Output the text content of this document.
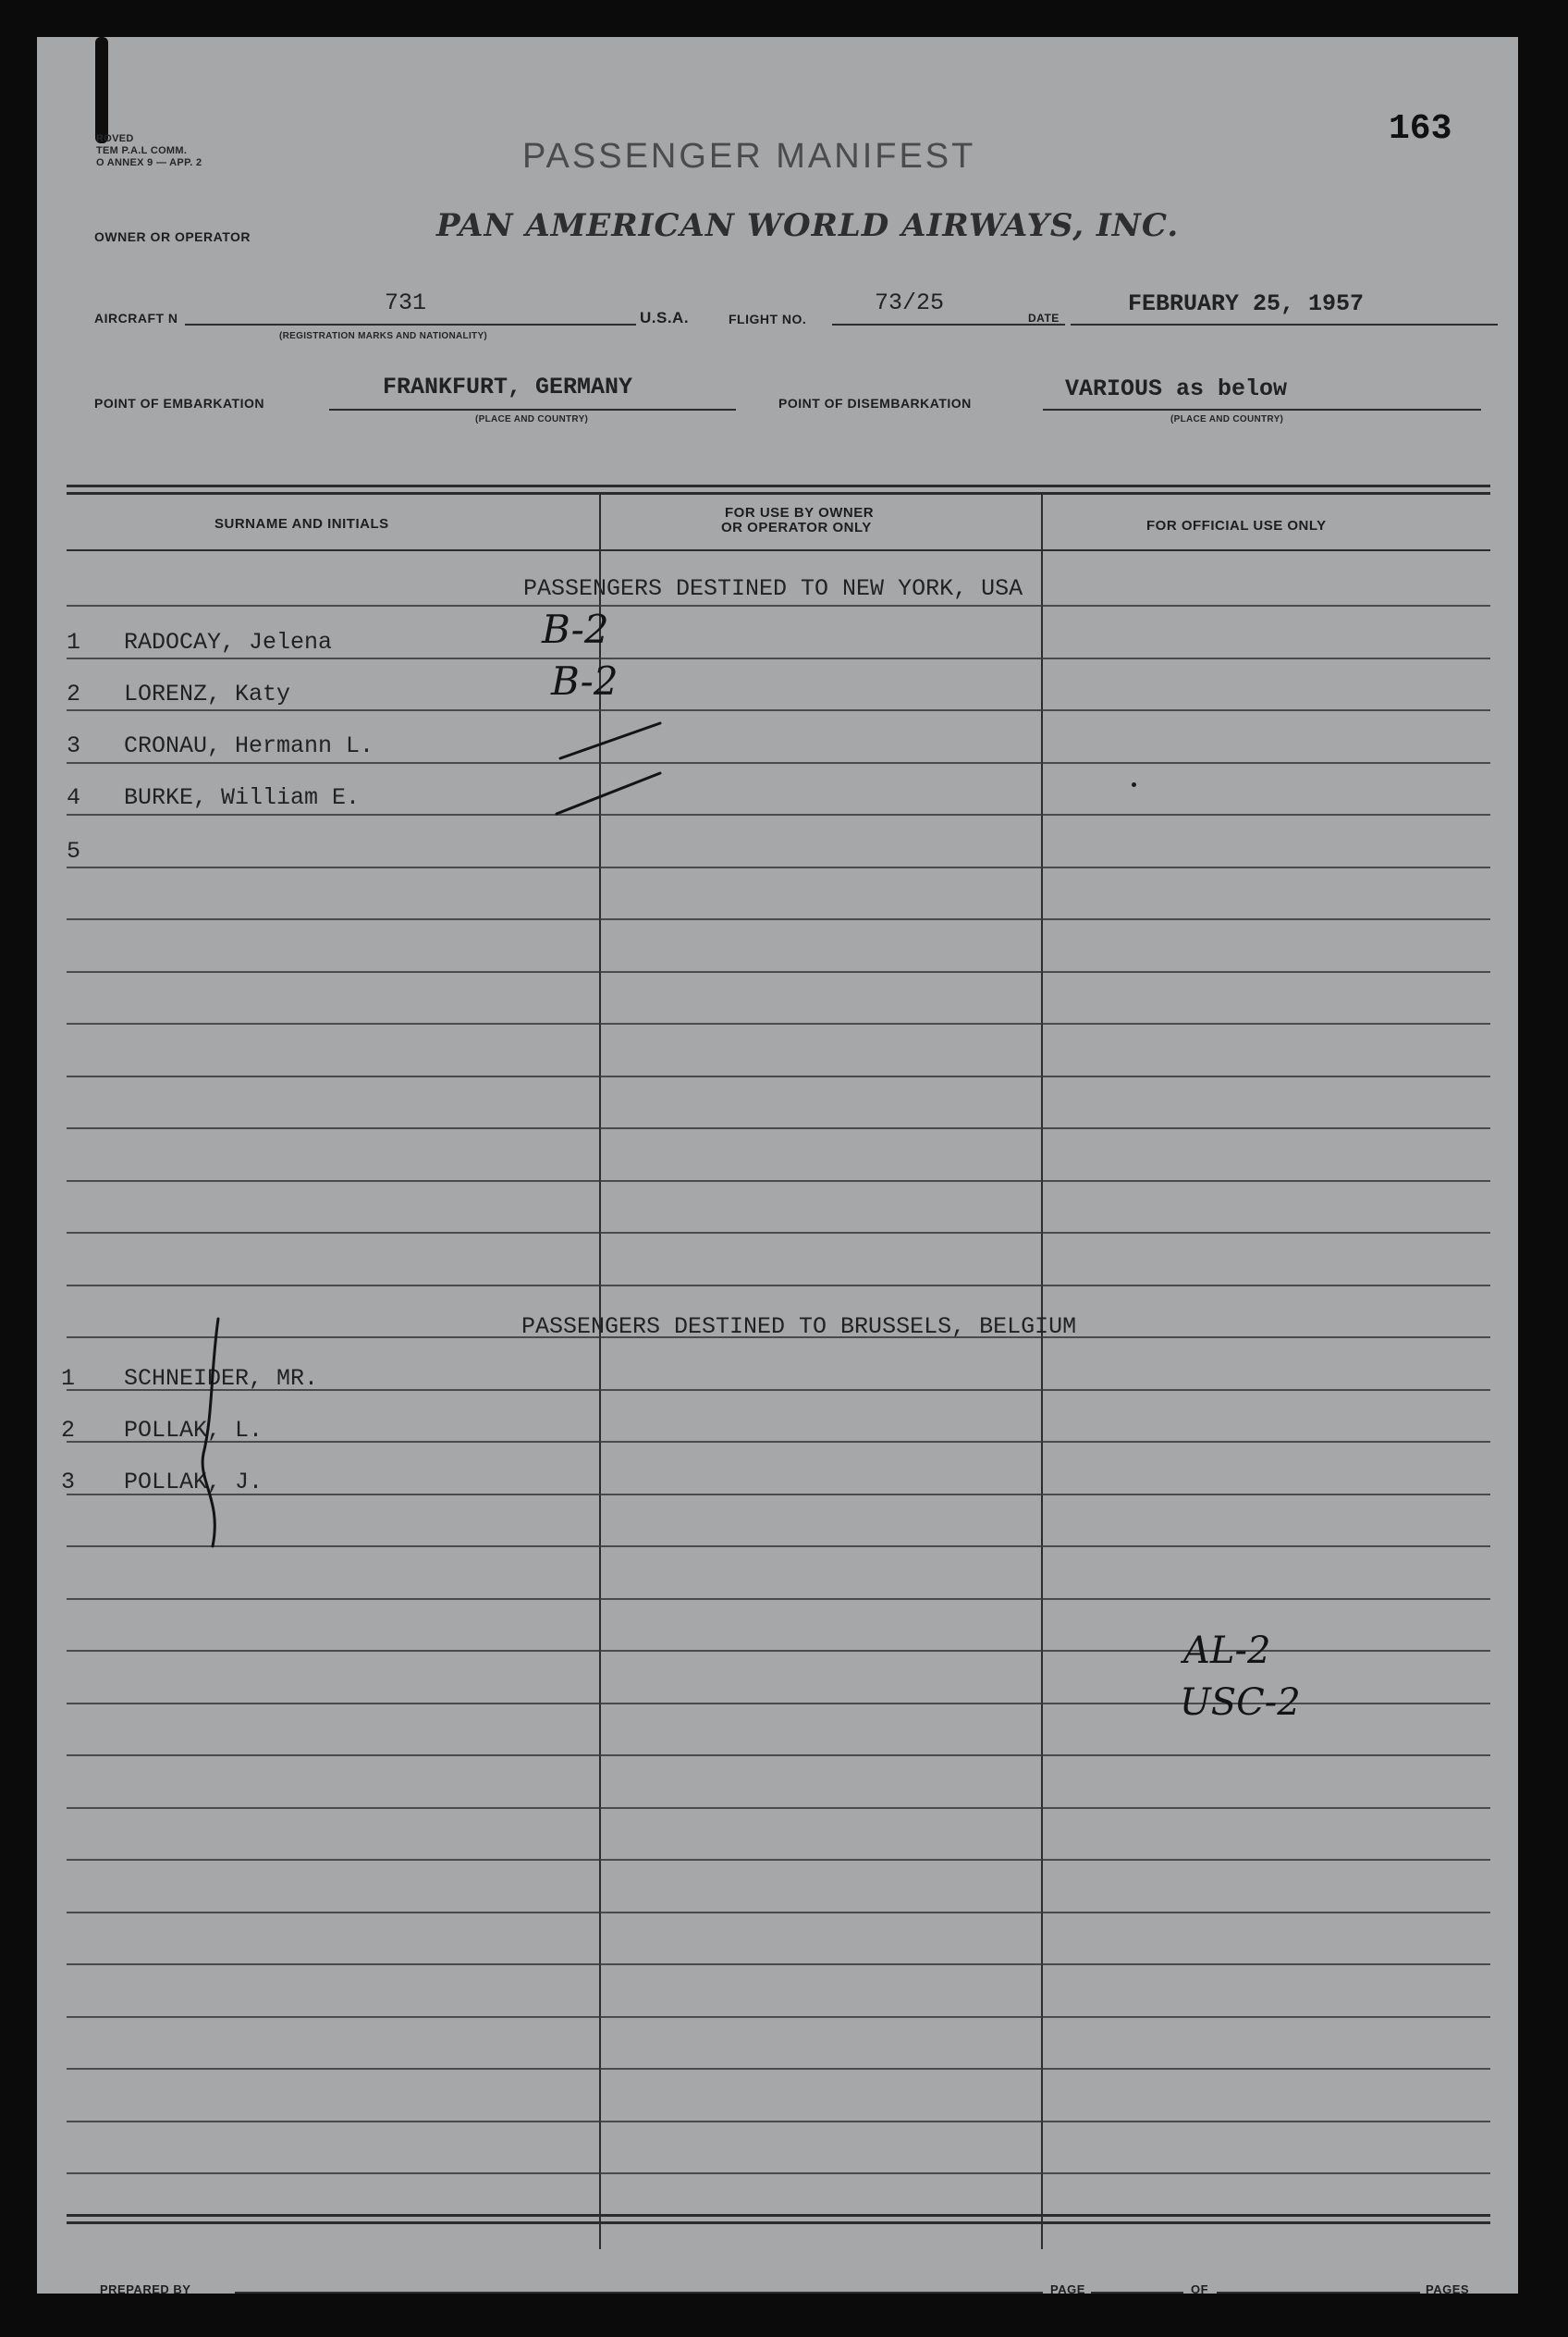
ROVED
TEM P.A.L COMM.
O ANNEX 9 — APP. 2	PASSENGER MANIFEST
163
OWNER OR OPERATOR	PAN AMERICAN WORLD AIRWAYS, INC.
AIRCRAFT N
731
(REGISTRATION MARKS AND NATIONALITY)
U.S.A.	FLIGHT NO.
73/25
DATE
FEBRUARY 25, 1957
POINT OF EMBARKATION
FRANKFURT, GERMANY
(PLACE AND COUNTRY)
POINT OF DISEMBARKATION
VARIOUS as below
(PLACE AND COUNTRY)
SURNAME AND INITIALS
FOR USE BY OWNER
OR OPERATOR ONLY	FOR OFFICIAL USE ONLY
PASSENGERS DESTINED TO NEW YORK, USA
1 RADOCAY, Jelena	B-2
2 LORENZ, Katy	B-2
3 CRONAU, Hermann L.
4 BURKE, William E.
5
PASSENGERS DESTINED TO BRUSSELS, BELGIUM
1 SCHNEIDER, MR.
2 POLLAK, L.
3 POLLAK, J.
AL-2
USC-2
PREPARED BY	PAGE	OF	PAGES
